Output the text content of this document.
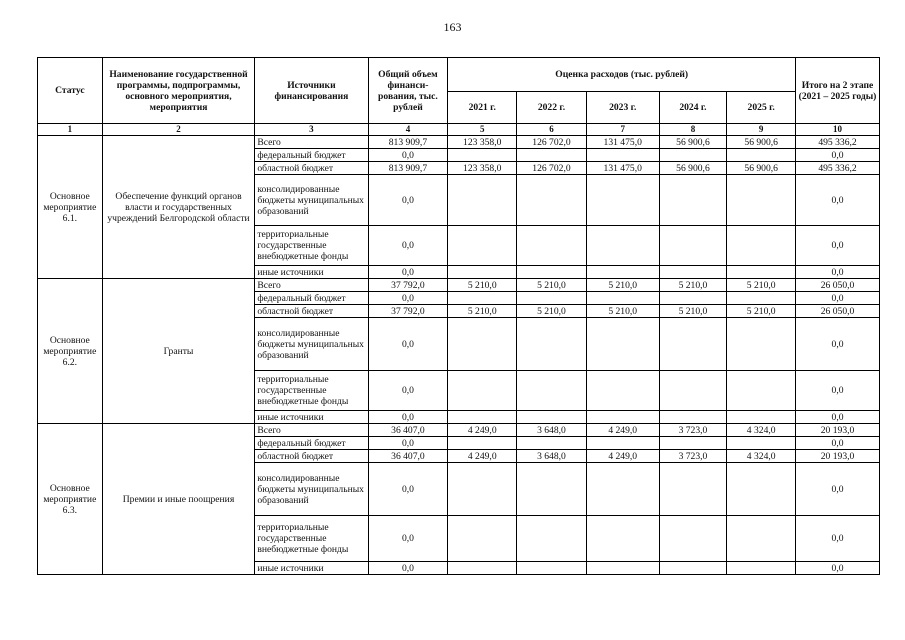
163
Статус	Наименование государственной программы, подпрограммы, основного мероприятия, мероприятия	Источники финансирования	Общий объем финанси-рования, тыс. рублей	Оценка расходов (тыс. рублей)					Итого на 2 этапе (2021 – 2025 годы)
				2021 г.	2022 г.	2023 г.	2024 г.	2025 г.	
1	2	3	4	5	6	7	8	9	10
Основное мероприятие 6.1.	Обеспечение функций органов власти и государственных учреждений Белгородской области	Всего	813 909,7	123 358,0	126 702,0	131 475,0	56 900,6	56 900,6	495 336,2
		федеральный бюджет	0,0						0,0
		областной бюджет	813 909,7	123 358,0	126 702,0	131 475,0	56 900,6	56 900,6	495 336,2
		консолидированные бюджеты муниципальных образований	0,0						0,0
		территориальные государственные внебюджетные фонды	0,0						0,0
		иные источники	0,0						0,0
Основное мероприятие 6.2.	Гранты	Всего	37 792,0	5 210,0	5 210,0	5 210,0	5 210,0	5 210,0	26 050,0
		федеральный бюджет	0,0						0,0
		областной бюджет	37 792,0	5 210,0	5 210,0	5 210,0	5 210,0	5 210,0	26 050,0
		консолидированные бюджеты муниципальных образований	0,0						0,0
		территориальные государственные внебюджетные фонды	0,0						0,0
		иные источники	0,0						0,0
Основное мероприятие 6.3.	Премии и иные поощрения	Всего	36 407,0	4 249,0	3 648,0	4 249,0	3 723,0	4 324,0	20 193,0
		федеральный бюджет	0,0						0,0
		областной бюджет	36 407,0	4 249,0	3 648,0	4 249,0	3 723,0	4 324,0	20 193,0
		консолидированные бюджеты муниципальных образований	0,0						0,0
		территориальные государственные внебюджетные фонды	0,0						0,0
		иные источники	0,0						0,0
